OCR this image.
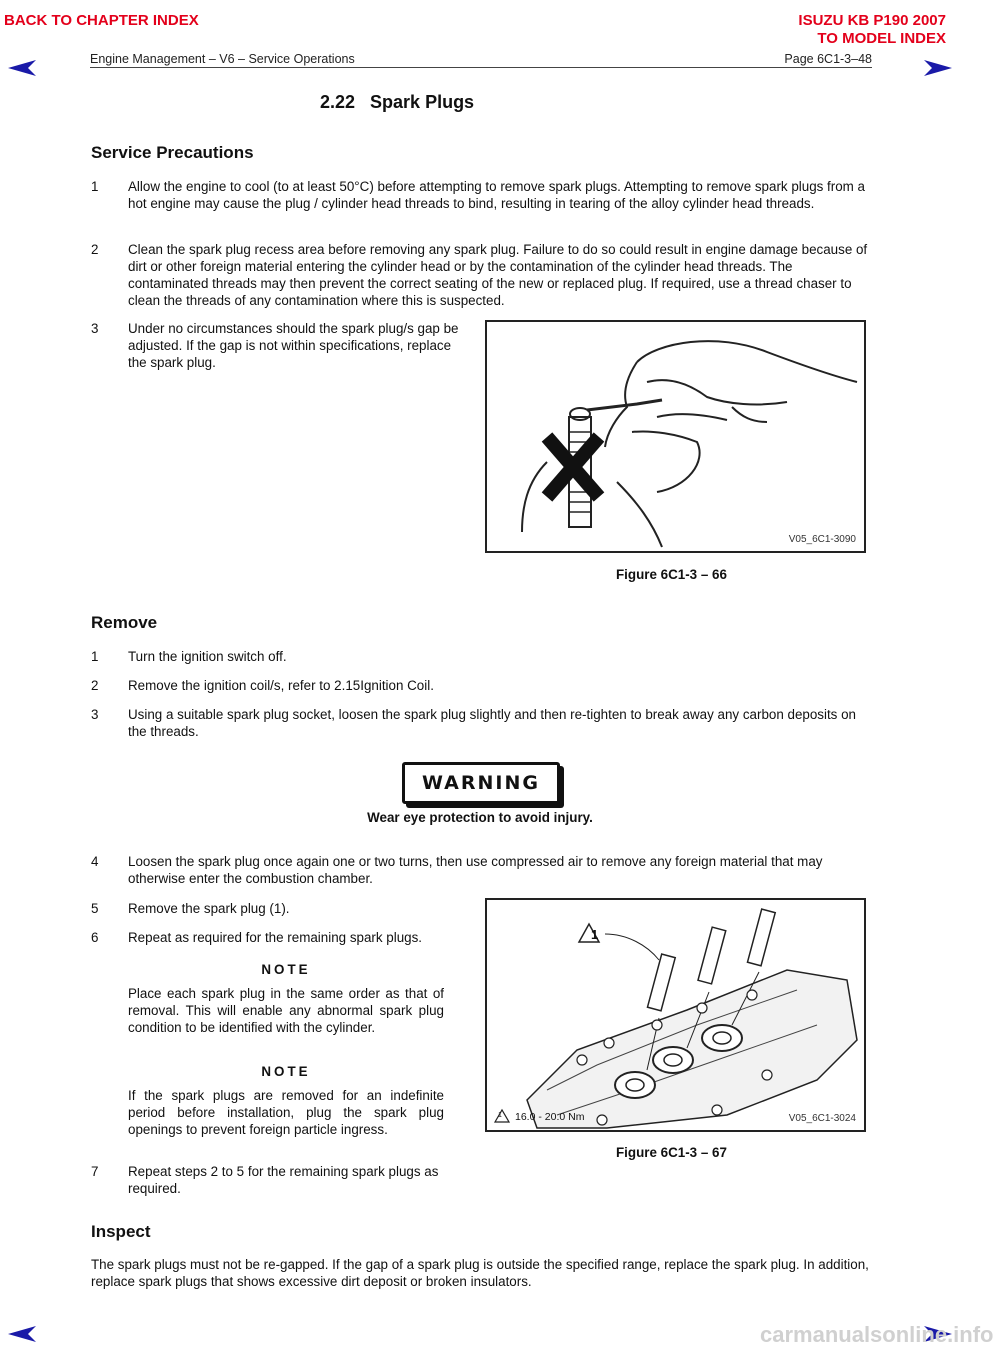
BACK TO CHAPTER INDEX	ISUZU KB P190 2007
TO MODEL INDEX
Engine Management – V6 – Service Operations	Page 6C1-3–48
2.22   Spark Plugs
Service Precautions
1	Allow the engine to cool (to at least 50°C) before attempting to remove spark plugs. Attempting to remove spark plugs from a hot engine may cause the plug / cylinder head threads to bind, resulting in tearing of the alloy cylinder head threads.
2	Clean the spark plug recess area before removing any spark plug. Failure to do so could result in engine damage because of dirt or other foreign material entering the cylinder head or by the contamination of the cylinder head threads. The contaminated threads may then prevent the correct seating of the new or replaced plug. If required, use a thread chaser to clean the threads of any contamination where this is suspected.
3	Under no circumstances should the spark plug/s gap be adjusted. If the gap is not within specifications, replace the spark plug.
V05_6C1-3090
Figure 6C1-3 – 66
Remove
1	Turn the ignition switch off.
2	Remove the ignition coil/s, refer to 2.15Ignition Coil.
3	Using a suitable spark plug socket, loosen the spark plug slightly and then re-tighten to break away any carbon deposits on the threads.
WARNING
Wear eye protection to avoid injury.
4	Loosen the spark plug once again one or two turns, then use compressed air to remove any foreign material that may otherwise enter the combustion chamber.
5	Remove the spark plug (1).
6	Repeat as required for the remaining spark plugs.
NOTE
Place each spark plug in the same order as that of removal. This will enable any abnormal spark plug condition to be identified with the cylinder.
NOTE
If the spark plugs are removed for an indefinite period before installation, plug the spark plug openings to prevent foreign particle ingress.
1
1 16.0 - 20.0 Nm	V05_6C1-3024
Figure 6C1-3 – 67
7	Repeat steps 2 to 5 for the remaining spark plugs as required.
Inspect
The spark plugs must not be re-gapped. If the gap of a spark plug is outside the specified range, replace the spark plug. In addition, replace spark plugs that shows excessive dirt deposit or broken insulators.
carmanualsonline.info
